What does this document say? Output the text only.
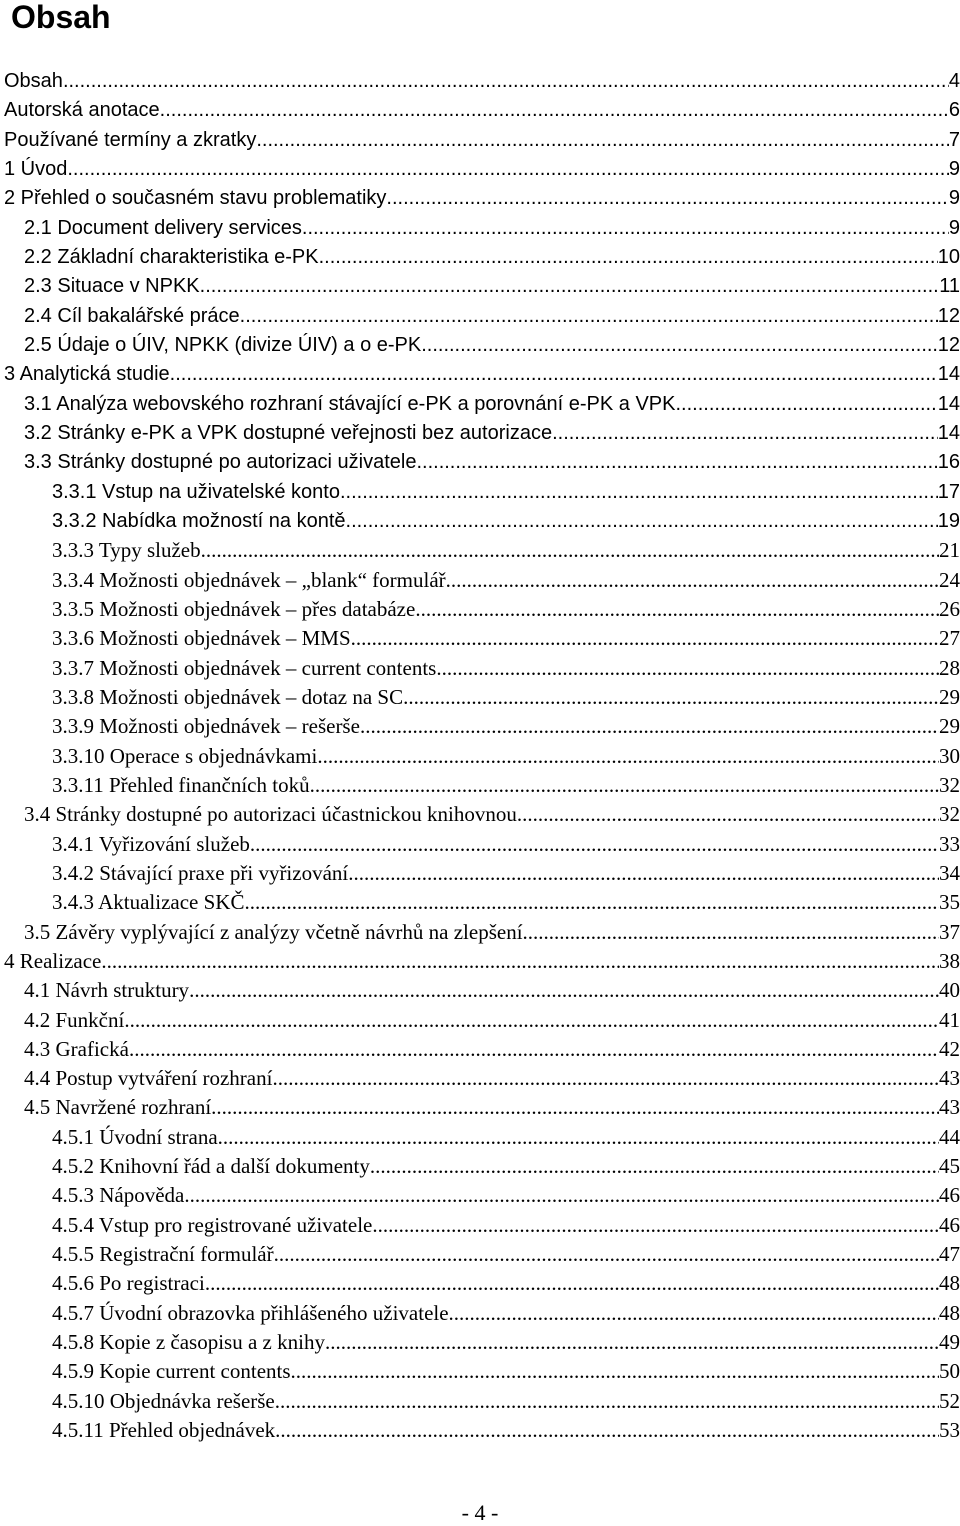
Obsah
Obsah .....	4
Autorská anotace .....	6
Používané termíny a zkratky .....	7
1 Úvod .....	9
2 Přehled o současném stavu problematiky .....	9
2.1 Document delivery services .....	9
2.2 Základní charakteristika e-PK .....	10
2.3 Situace v NPKK .....	11
2.4 Cíl bakalářské práce .....	12
2.5 Údaje o ÚIV, NPKK (divize ÚIV) a o e-PK .....	12
3 Analytická studie .....	14
3.1 Analýza webovského rozhraní stávající e-PK a porovnání e-PK a VPK .....	14
3.2 Stránky e-PK a VPK dostupné veřejnosti bez autorizace .....	14
3.3 Stránky dostupné po autorizaci uživatele .....	16
3.3.1 Vstup na uživatelské konto .....	17
3.3.2 Nabídka možností na kontě .....	19
3.3.3 Typy služeb .....	21
3.3.4 Možnosti objednávek – „blank“ formulář .....	24
3.3.5 Možnosti objednávek – přes databáze .....	26
3.3.6 Možnosti objednávek – MMS .....	27
3.3.7 Možnosti objednávek – current contents .....	28
3.3.8 Možnosti objednávek – dotaz na SC .....	29
3.3.9 Možnosti objednávek – rešerše .....	29
3.3.10 Operace s objednávkami .....	30
3.3.11 Přehled finančních toků .....	32
3.4 Stránky dostupné po autorizaci účastnickou knihovnou .....	32
3.4.1 Vyřizování služeb .....	33
3.4.2 Stávající praxe při vyřizování .....	34
3.4.3 Aktualizace SKČ .....	35
3.5 Závěry vyplývající z analýzy včetně návrhů na zlepšení .....	37
4 Realizace .....	38
4.1 Návrh struktury .....	40
4.2 Funkční .....	41
4.3 Grafická .....	42
4.4 Postup vytváření rozhraní .....	43
4.5 Navržené rozhraní .....	43
4.5.1 Úvodní strana .....	44
4.5.2 Knihovní řád a další dokumenty .....	45
4.5.3 Nápověda .....	46
4.5.4 Vstup pro registrované uživatele .....	46
4.5.5 Registrační formulář .....	47
4.5.6 Po registraci .....	48
4.5.7 Úvodní obrazovka přihlášeného uživatele .....	48
4.5.8 Kopie z časopisu a z knihy .....	49
4.5.9 Kopie current contents .....	50
4.5.10 Objednávka rešerše .....	52
4.5.11 Přehled objednávek .....	53
- 4 -
